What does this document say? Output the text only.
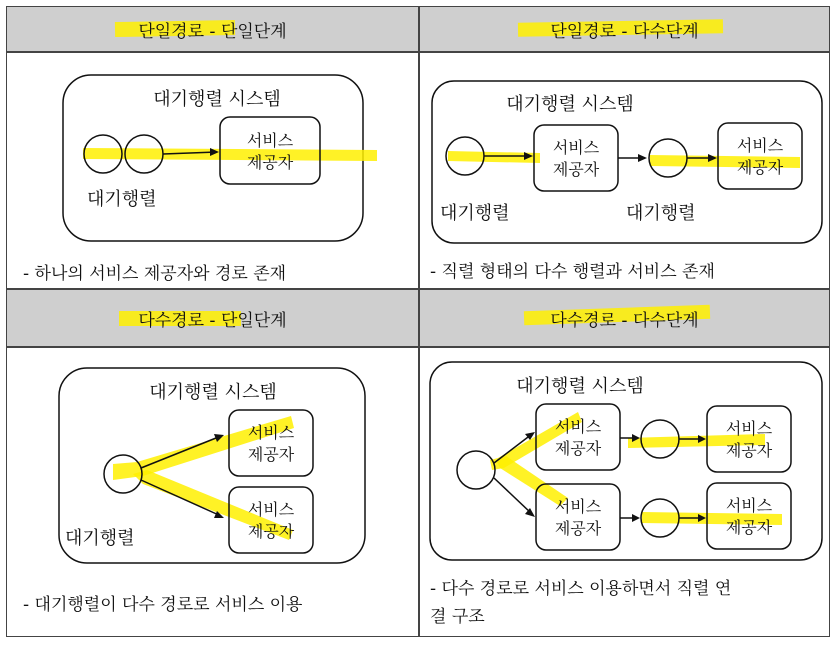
단일경로 - 단일단계	단일경로 - 다수단계
대기행렬 시스템
서비스
제공자
대기행렬
- 하나의 서비스 제공자와 경로 존재
대기행렬 시스템
서비스
제공자
서비스
제공자
대기행렬	대기행렬
- 직렬 형태의 다수 행렬과 서비스 존재
다수경로 - 단일단계	다수경로 - 다수단계
대기행렬 시스템
서비스
제공자
서비스
제공자
대기행렬
- 대기행렬이 다수 경로로 서비스 이용
대기행렬 시스템
서비스
제공자
서비스
제공자
서비스
제공자
서비스
제공자
- 다수 경로로 서비스 이용하면서 직렬 연
결 구조
